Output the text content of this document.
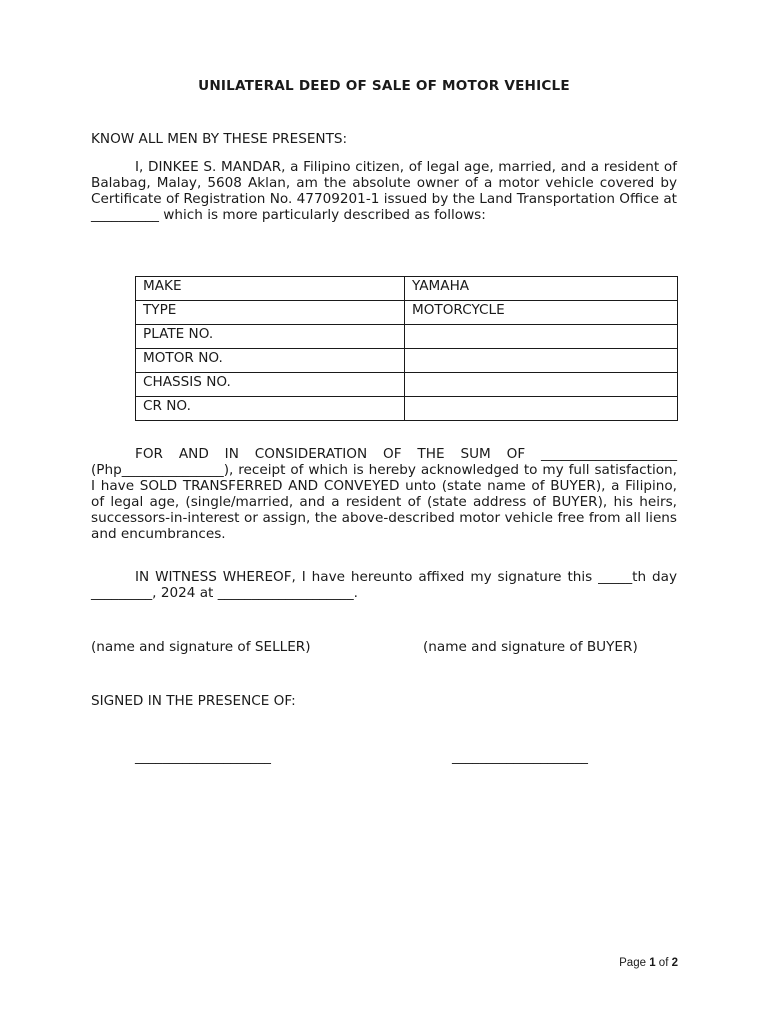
UNILATERAL DEED OF SALE OF MOTOR VEHICLE
KNOW ALL MEN BY THESE PRESENTS:
I, DINKEE S. MANDAR, a Filipino citizen, of legal age, married, and a resident of Balabag, Malay, 5608 Aklan, am the absolute owner of a motor vehicle covered by Certificate of Registration No. 47709201-1 issued by the Land Transportation Office at __________ which is more particularly described as follows:
MAKE	YAMAHA
TYPE	MOTORCYCLE
PLATE NO.	
MOTOR NO.	
CHASSIS NO.	
CR NO.	
FOR AND IN CONSIDERATION OF THE SUM OF ____________________ (Php_______________), receipt of which is hereby acknowledged to my full satisfaction, I have SOLD TRANSFERRED AND CONVEYED unto (state name of BUYER), a Filipino, of legal age, (single/married, and a resident of (state address of BUYER), his heirs, successors-in-interest or assign, the above-described motor vehicle free from all liens and encumbrances.
IN WITNESS WHEREOF, I have hereunto affixed my signature this _____th day _________, 2024 at ____________________.
(name and signature of SELLER)	(name and signature of BUYER)
SIGNED IN THE PRESENCE OF:
____________________	____________________
Page 1 of 2
